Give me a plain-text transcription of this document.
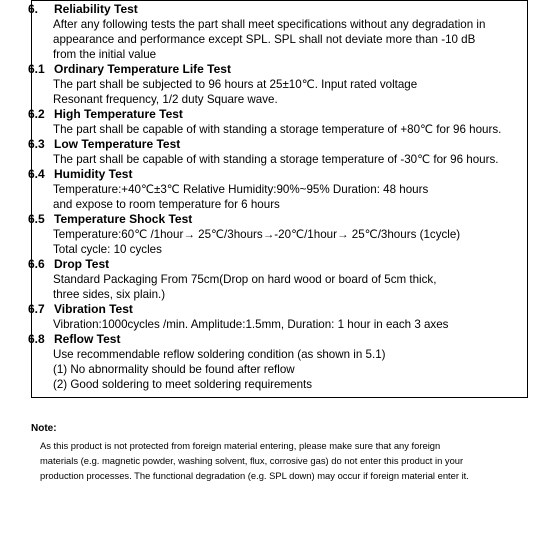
6.	Reliability Test
After any following tests the part shall meet specifications without any degradation in
appearance and performance except SPL. SPL shall not deviate more than -10 dB
from the initial value
6.1 Ordinary Temperature Life Test
The part shall be subjected to 96 hours at 25±10℃. Input rated voltage
Resonant frequency, 1/2 duty Square wave.
6.2 High Temperature Test
The part shall be capable of with standing a storage temperature of +80℃ for 96 hours.
6.3 Low Temperature Test
The part shall be capable of with standing a storage temperature of -30℃ for 96 hours.
6.4 Humidity Test
Temperature:+40℃±3℃ Relative Humidity:90%~95% Duration: 48 hours
and expose to room temperature for 6 hours
6.5 Temperature Shock Test
Temperature:60℃ /1hour→ 25℃/3hours→-20℃/1hour→ 25℃/3hours (1cycle)
Total cycle: 10 cycles
6.6 Drop Test
Standard Packaging From 75cm(Drop on hard wood or board of 5cm thick,
three sides, six plain.)
6.7 Vibration Test
Vibration:1000cycles /min. Amplitude:1.5mm, Duration: 1 hour in each 3 axes
6.8 Reflow Test
Use recommendable reflow soldering condition (as shown in 5.1)
(1) No abnormality should be found after reflow
(2) Good soldering to meet soldering requirements
Note:
As this product is not protected from foreign material entering, please make sure that any foreign
materials (e.g. magnetic powder, washing solvent, flux, corrosive gas) do not enter this product in your
production processes. The functional degradation (e.g. SPL down) may occur if foreign material enter it.
